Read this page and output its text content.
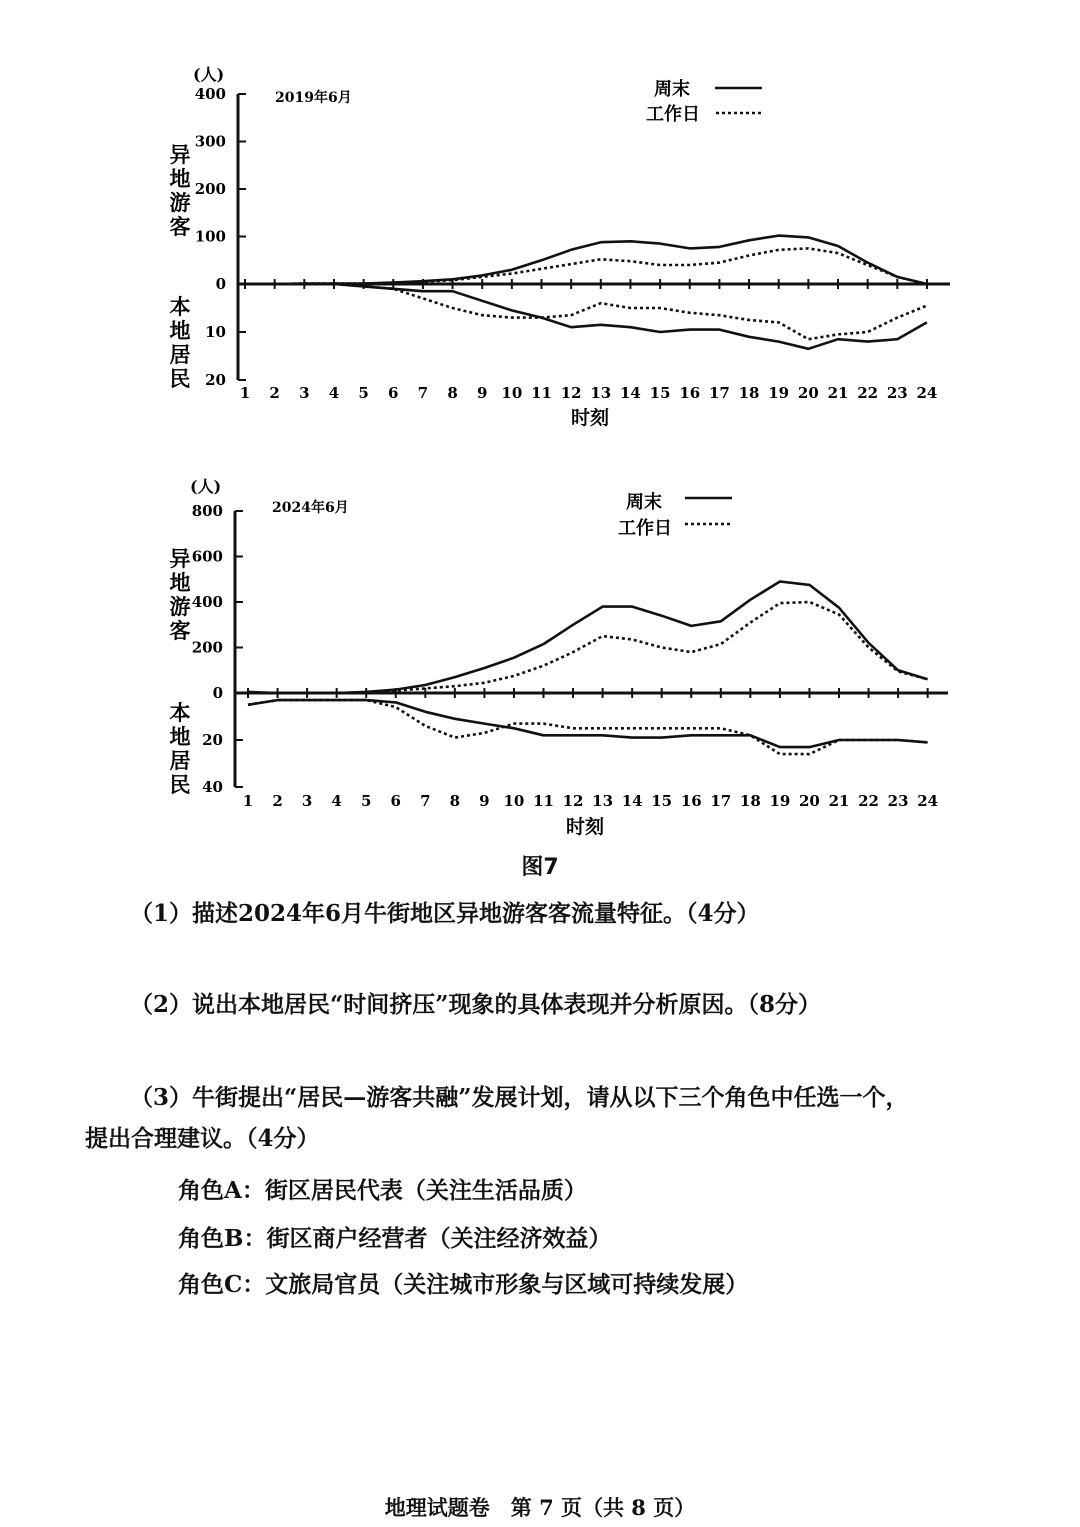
1 2 3 4 5 6 7 8 9 10 11 12 13 14 15 16 17 18 19 20 21 22 23 24
0
100
200
300
400
10
20
异
地
游
客
本
地
居
民
2019年6月
(人)
时刻
周末
工作日
1 2 3 4 5 6 7 8 9 10 11 12 13 14 15 16 17 18 19 20 21 22 23 24
0
200
400
600
800
20
40
异
地
游
客
本
地
居
民
2024年6月
(人)
时刻
周末
工作日
图7
（1）描述2024年6月牛街地区异地游客客流量特征。（4分）
（2）说出本地居民“时间挤压”现象的具体表现并分析原因。（8分）
（3）牛街提出“居民—游客共融”发展计划，请从以下三个角色中任选一个，
提出合理建议。（4分）
角色A：街区居民代表（关注生活品质）
角色B：街区商户经营者（关注经济效益）
角色C：文旅局官员（关注城市形象与区域可持续发展）
地理试题卷　第 7 页（共 8 页）
